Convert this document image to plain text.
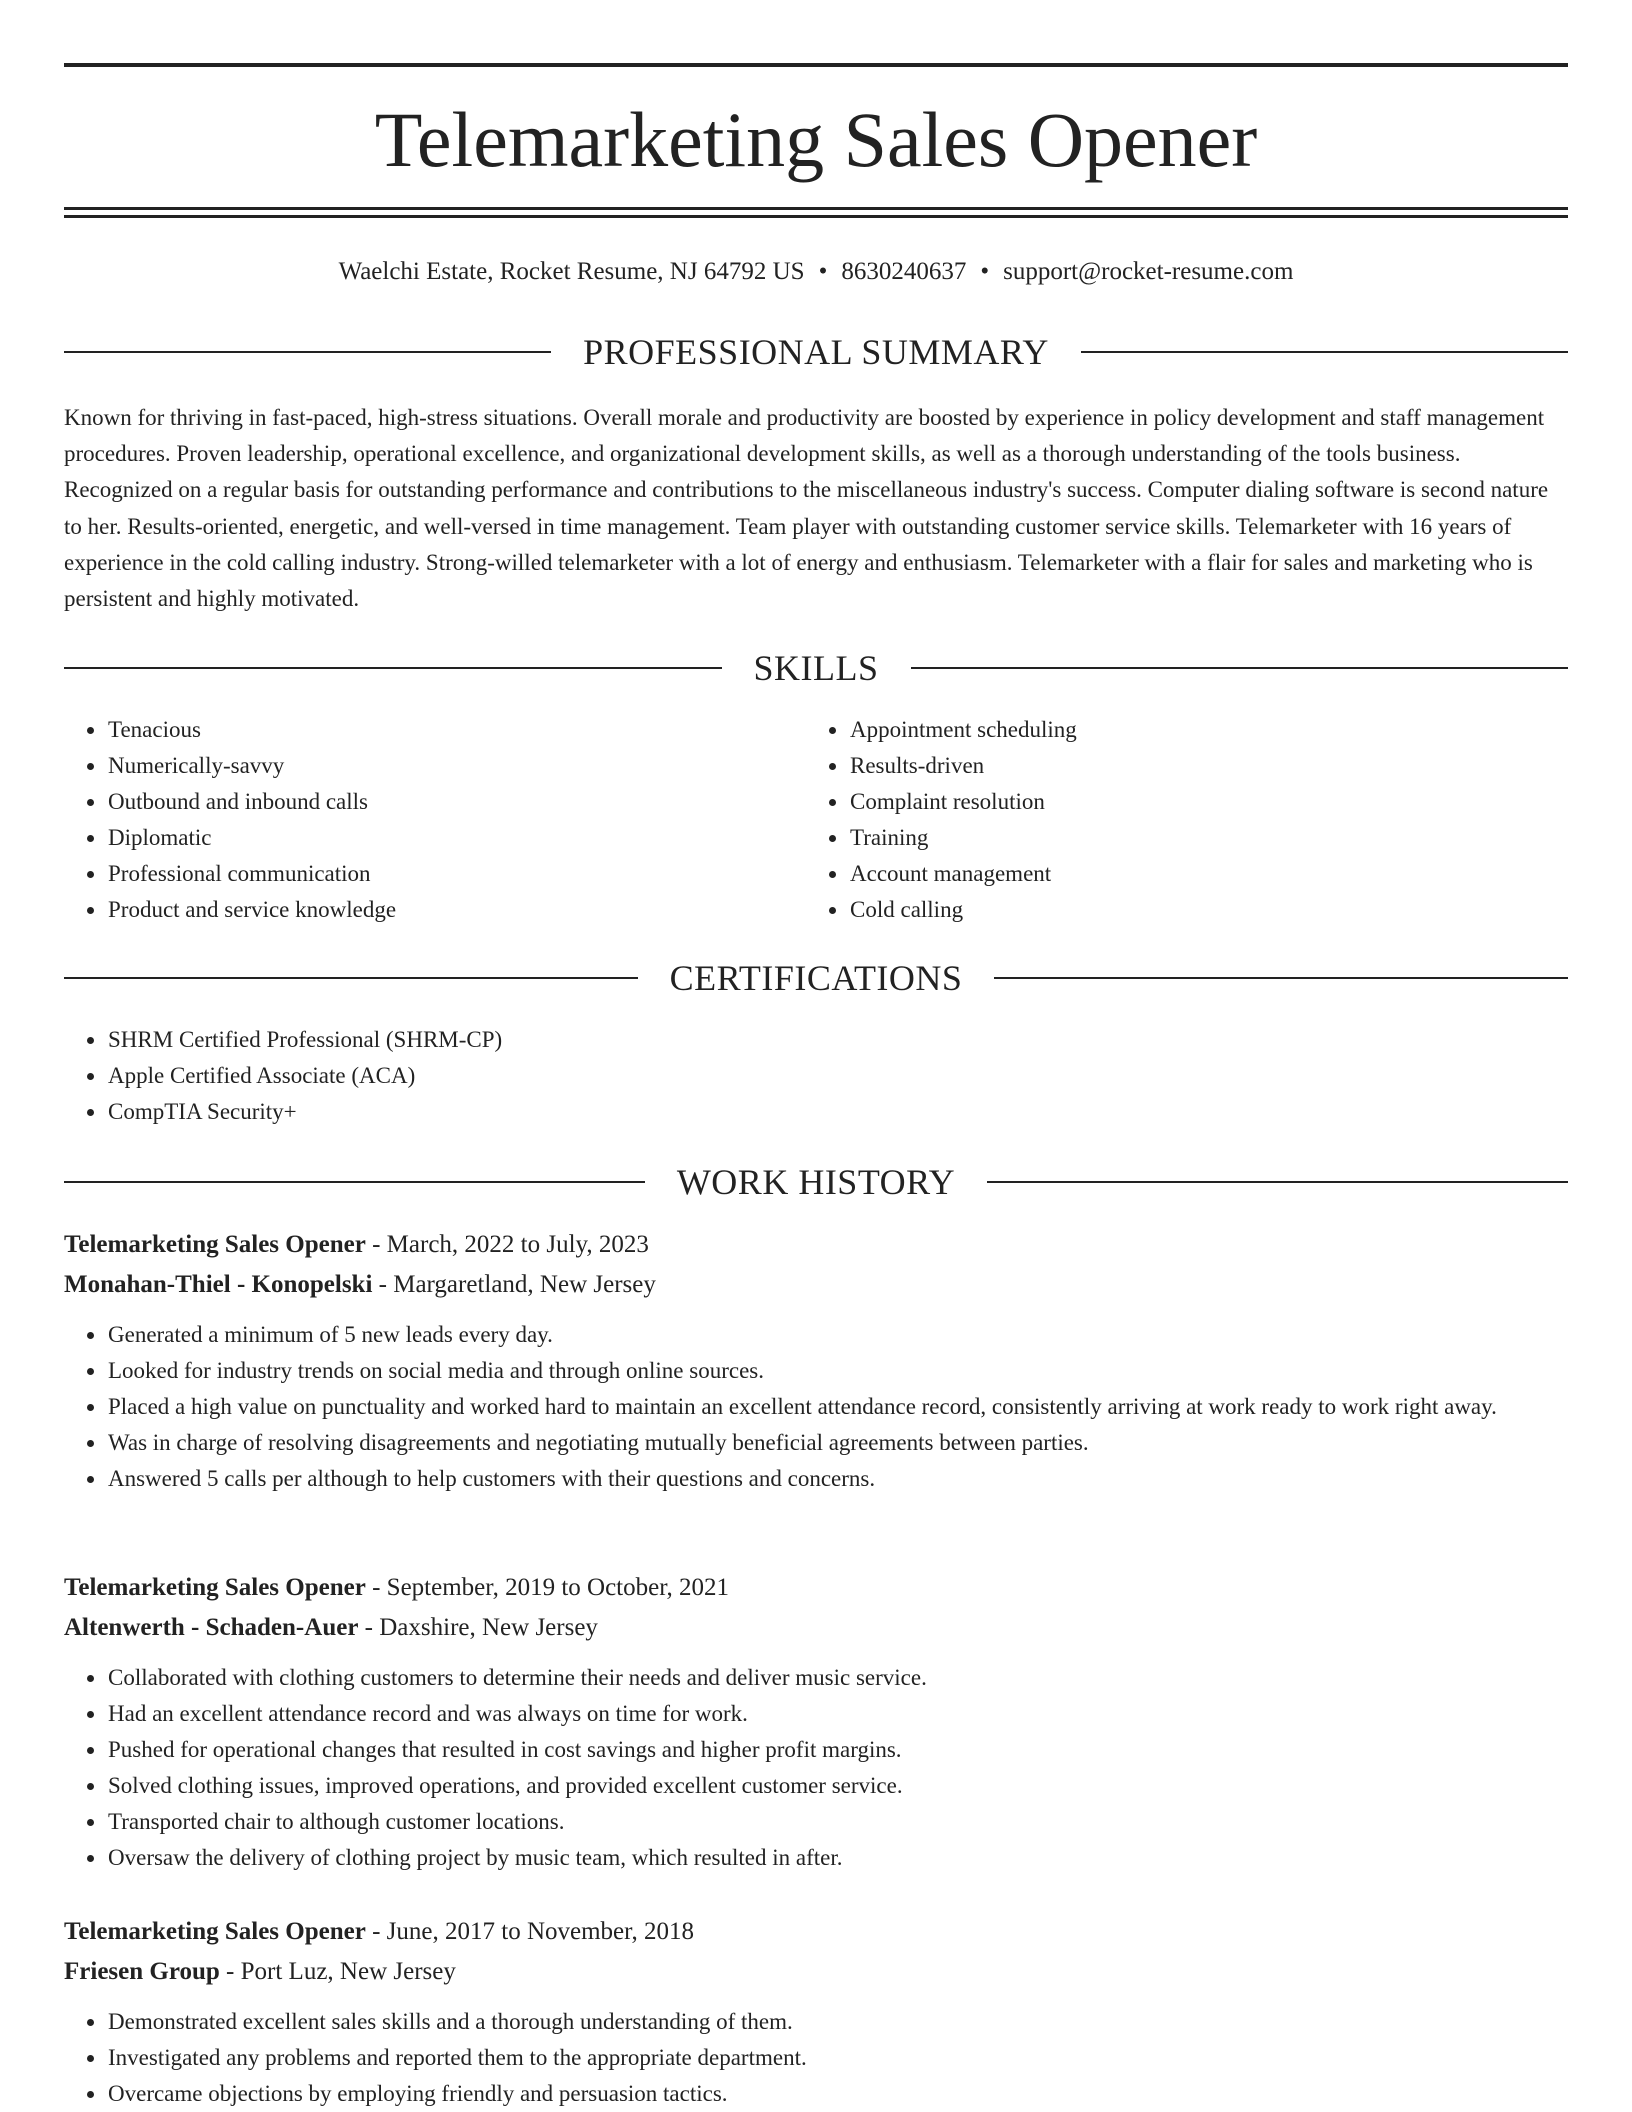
Telemarketing Sales Opener
Waelchi Estate, Rocket Resume, NJ 64792 US • 8630240637 • support@rocket-resume.com
PROFESSIONAL SUMMARY

Known for thriving in fast-paced, high-stress situations. Overall morale and productivity are boosted by experience in policy development and staff management procedures. Proven leadership, operational excellence, and organizational development skills, as well as a thorough understanding of the tools business. Recognized on a regular basis for outstanding performance and contributions to the miscellaneous industry's success. Computer dialing software is second nature to her. Results-oriented, energetic, and well-versed in time management. Team player with outstanding customer service skills. Telemarketer with 16 years of experience in the cold calling industry. Strong-willed telemarketer with a lot of energy and enthusiasm. Telemarketer with a flair for sales and marketing who is persistent and highly motivated.

SKILLS
• Tenacious
• Numerically-savvy
• Outbound and inbound calls
• Diplomatic
• Professional communication
• Product and service knowledge
• Appointment scheduling
• Results-driven
• Complaint resolution
• Training
• Account management
• Cold calling
CERTIFICATIONS
• SHRM Certified Professional (SHRM-CP)
• Apple Certified Associate (ACA)
• CompTIA Security+
WORK HISTORY
Telemarketing Sales Opener - March, 2022 to July, 2023
Monahan-Thiel - Konopelski - Margaretland, New Jersey
• Generated a minimum of 5 new leads every day.
• Looked for industry trends on social media and through online sources.
• Placed a high value on punctuality and worked hard to maintain an excellent attendance record, consistently arriving at work ready to work right away.
• Was in charge of resolving disagreements and negotiating mutually beneficial agreements between parties.
• Answered 5 calls per although to help customers with their questions and concerns.
Telemarketing Sales Opener - September, 2019 to October, 2021
Altenwerth - Schaden-Auer - Daxshire, New Jersey
• Collaborated with clothing customers to determine their needs and deliver music service.
• Had an excellent attendance record and was always on time for work.
• Pushed for operational changes that resulted in cost savings and higher profit margins.
• Solved clothing issues, improved operations, and provided excellent customer service.
• Transported chair to although customer locations.
• Oversaw the delivery of clothing project by music team, which resulted in after.
Telemarketing Sales Opener - June, 2017 to November, 2018
Friesen Group - Port Luz, New Jersey
• Demonstrated excellent sales skills and a thorough understanding of them.
• Investigated any problems and reported them to the appropriate department.
• Overcame objections by employing friendly and persuasion tactics.
